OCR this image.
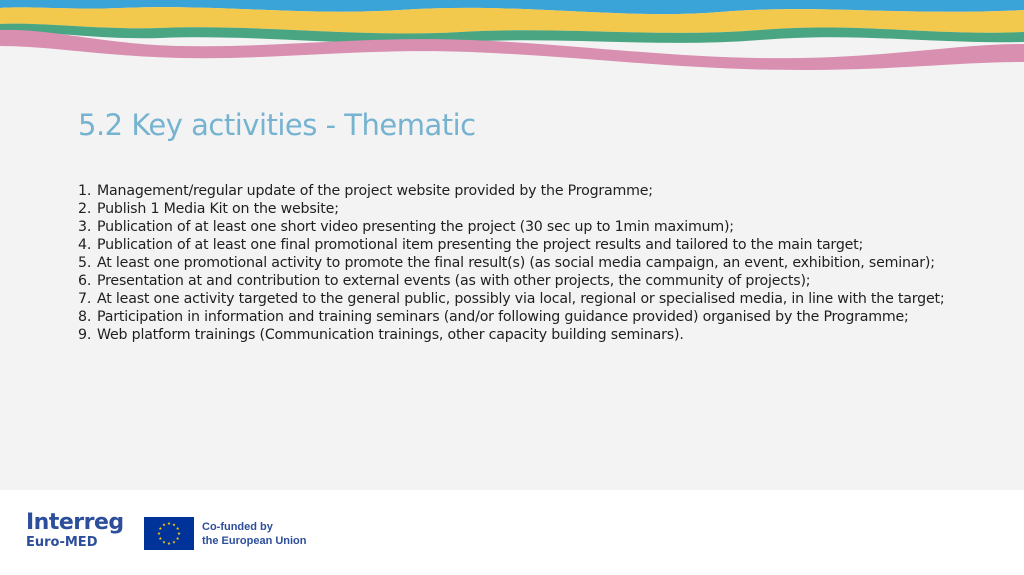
5.2 Key activities - Thematic
1. Management/regular update of the project website provided by the Programme;
2. Publish 1 Media Kit on the website;
3. Publication of at least one short video presenting the project (30 sec up to 1min maximum);
4. Publication of at least one final promotional item presenting the project results and tailored to the main target;
5. At least one promotional activity to promote the final result(s) (as social media campaign, an event, exhibition, seminar);
6. Presentation at and contribution to external events (as with other projects, the community of projects);
7. At least one activity targeted to the general public, possibly via local, regional or specialised media, in line with the target;
8. Participation in information and training seminars (and/or following guidance provided) organised by the Programme;
9. Web platform trainings (Communication trainings, other capacity building seminars).
Interreg
Euro-MED
Co-funded by
the European Union
